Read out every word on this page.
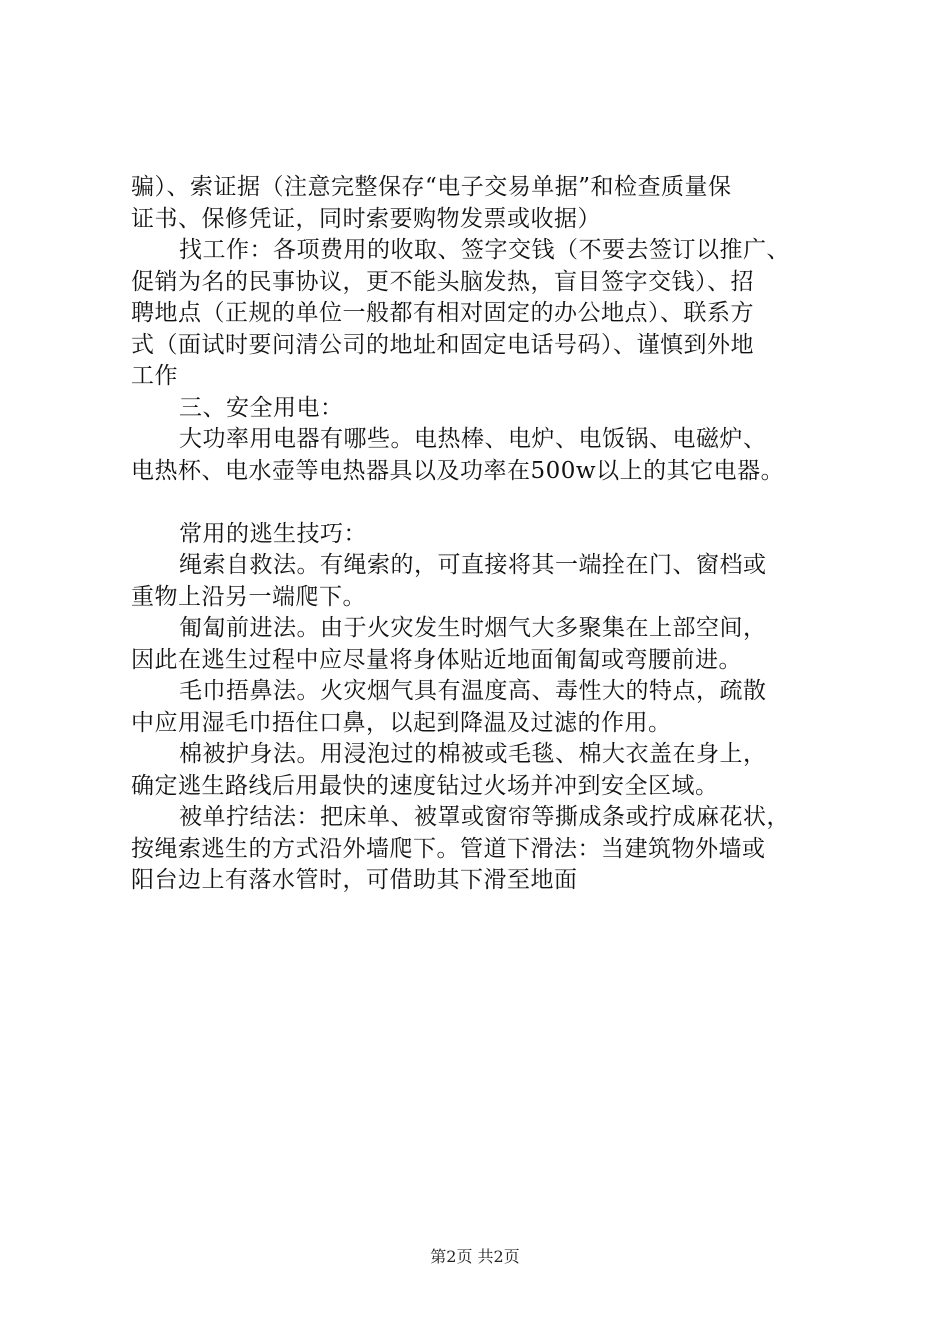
骗）、索证据（注意完整保存“电子交易单据”和检查质量保
证书、保修凭证，同时索要购物发票或收据）
找工作：各项费用的收取、签字交钱（不要去签订以推广、
促销为名的民事协议，更不能头脑发热，盲目签字交钱）、招
聘地点（正规的单位一般都有相对固定的办公地点）、联系方
式（面试时要问清公司的地址和固定电话号码）、谨慎到外地
工作
三、安全用电：
大功率用电器有哪些。电热棒、电炉、电饭锅、电磁炉、
电热杯、电水壶等电热器具以及功率在500w以上的其它电器。
常用的逃生技巧：
绳索自救法。有绳索的，可直接将其一端拴在门、窗档或
重物上沿另一端爬下。
匍匐前进法。由于火灾发生时烟气大多聚集在上部空间，
因此在逃生过程中应尽量将身体贴近地面匍匐或弯腰前进。
毛巾捂鼻法。火灾烟气具有温度高、毒性大的特点，疏散
中应用湿毛巾捂住口鼻，以起到降温及过滤的作用。
棉被护身法。用浸泡过的棉被或毛毯、棉大衣盖在身上，
确定逃生路线后用最快的速度钻过火场并冲到安全区域。
被单拧结法：把床单、被罩或窗帘等撕成条或拧成麻花状，
按绳索逃生的方式沿外墙爬下。管道下滑法：当建筑物外墙或
阳台边上有落水管时，可借助其下滑至地面
第2页 共2页
